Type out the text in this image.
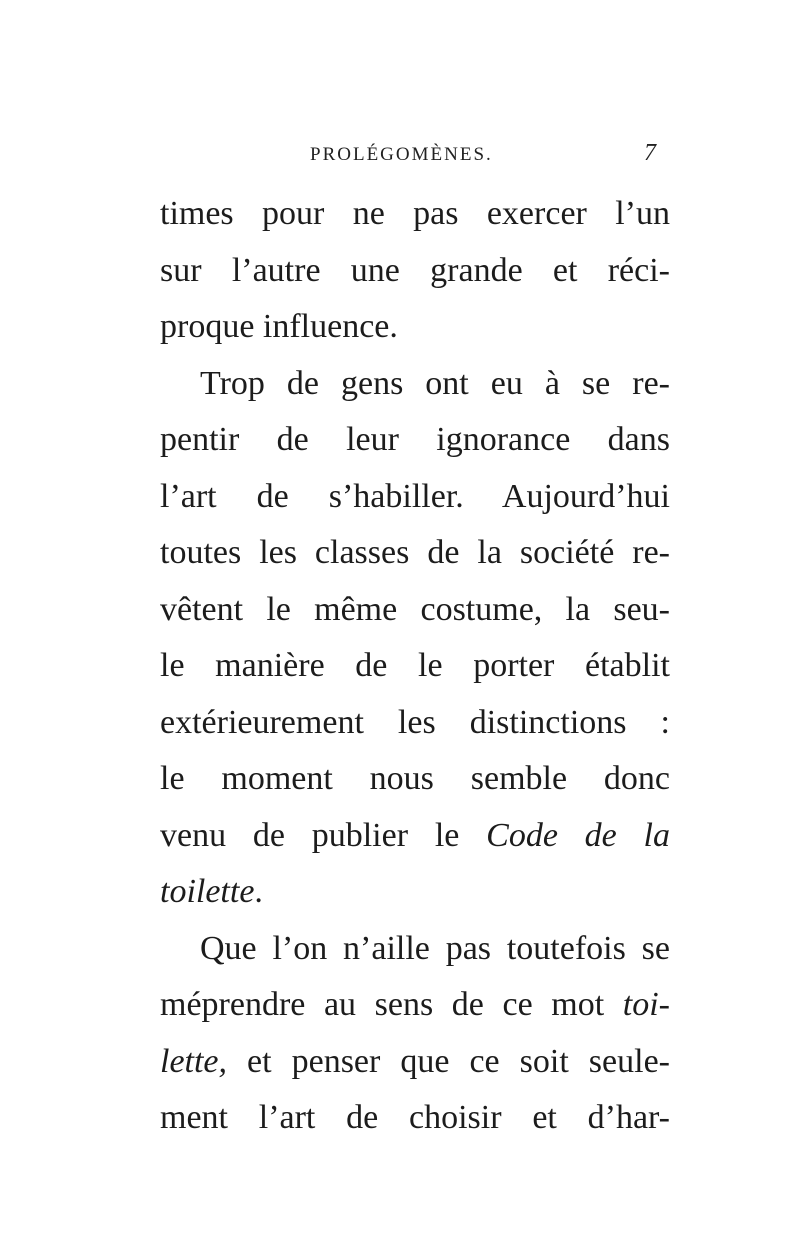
PROLÉGOMÈNES.	7
times pour ne pas exercer l’un
sur l’autre une grande et réci-
proque influence.
Trop de gens ont eu à se re-
pentir de leur ignorance dans
l’art de s’habiller. Aujourd’hui
toutes les classes de la société re-
vêtent le même costume, la seu-
le manière de le porter établit
extérieurement les distinctions :
le moment nous semble donc
venu de publier le Code de la
toilette.
Que l’on n’aille pas toutefois se
méprendre au sens de ce mot toi-
lette, et penser que ce soit seule-
ment l’art de choisir et d’har-
